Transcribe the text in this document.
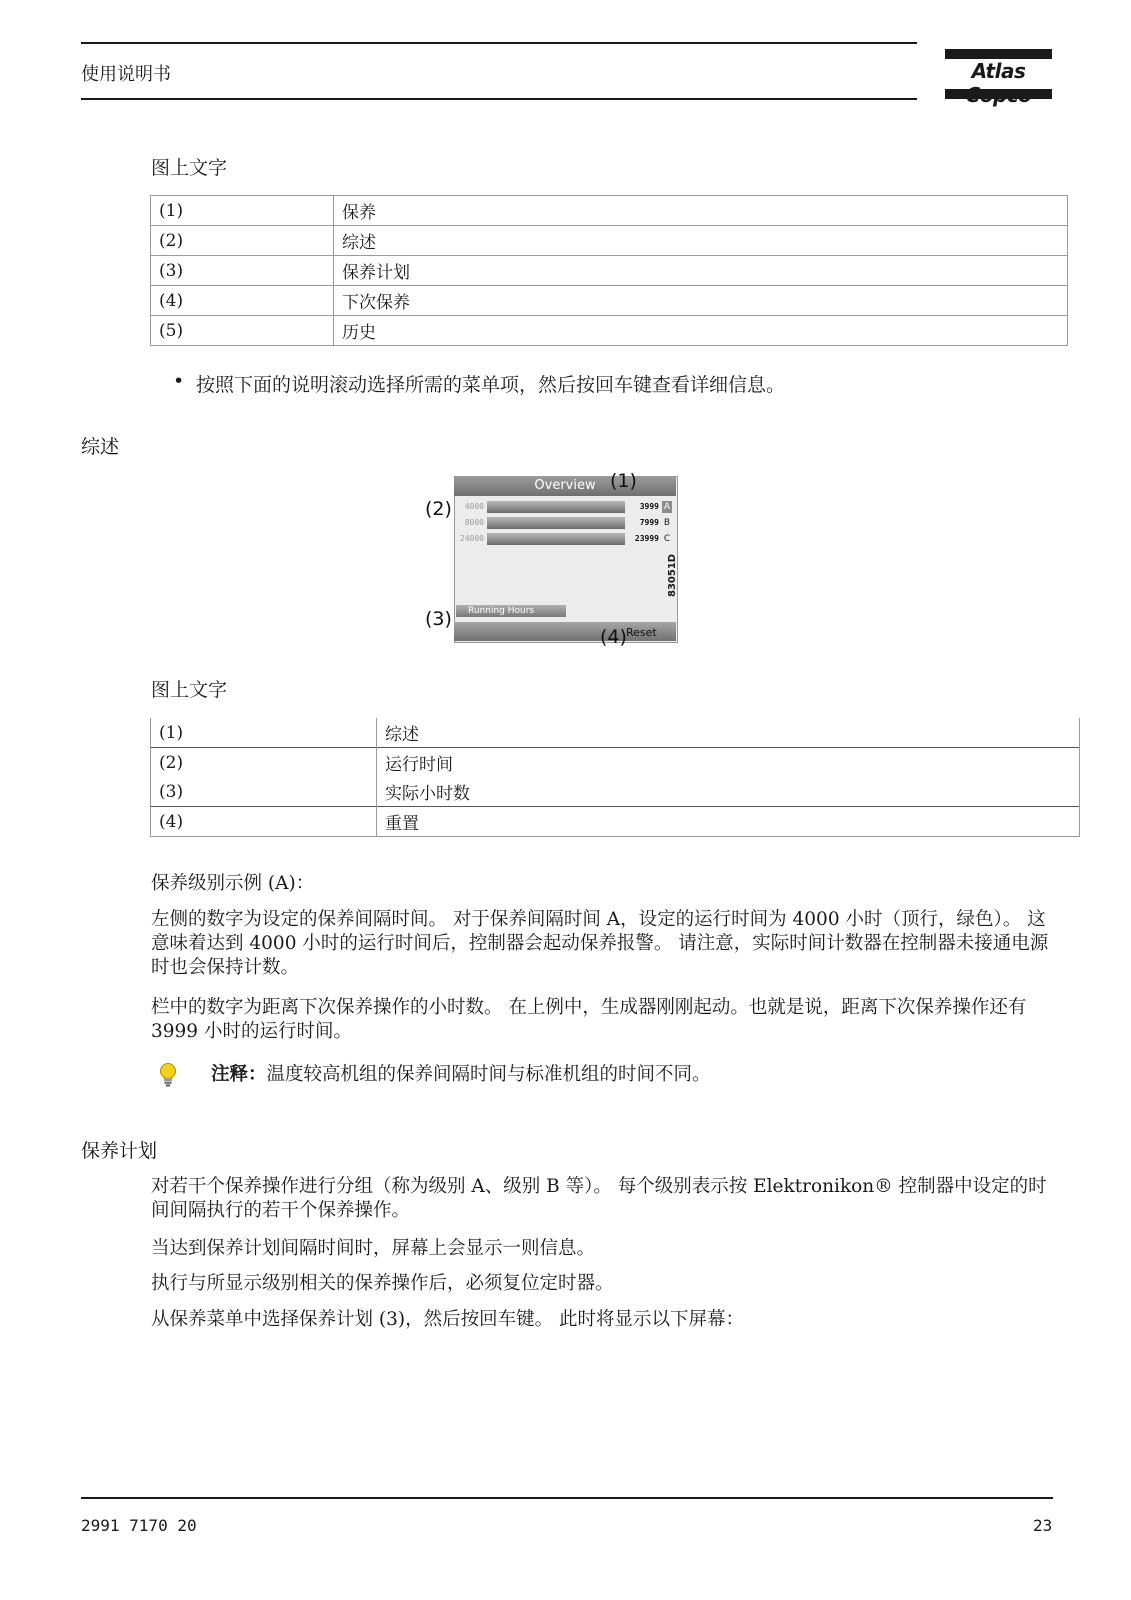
使用说明书	Atlas
图上文字
(1)	保养
(2)	综述
(3)	保养计划
(4)	下次保养
(5)	历史
• 按照下面的说明滚动选择所需的菜单项，然后按回车键查看详细信息。
综述
Overview
4000	3999 A
8000	7999 B
24000	23999 C
Running Hours
Reset
(1)
(2)
(3)
(4)
83051D
图上文字
(1)	综述
(2)	运行时间
(3)	实际小时数
(4)	重置
保养级别示例 (A)：
左侧的数字为设定的保养间隔时间。 对于保养间隔时间 A，设定的运行时间为 4000 小时（顶行，绿色）。 这意味着达到 4000 小时的运行时间后，控制器会起动保养报警。 请注意，实际时间计数器在控制器未接通电源时也会保持计数。
栏中的数字为距离下次保养操作的小时数。 在上例中，生成器刚刚起动。也就是说，距离下次保养操作还有 3999 小时的运行时间。
注释：温度较高机组的保养间隔时间与标准机组的时间不同。
保养计划
对若干个保养操作进行分组（称为级别 A、级别 B 等）。 每个级别表示按 Elektronikon® 控制器中设定的时间间隔执行的若干个保养操作。
当达到保养计划间隔时间时，屏幕上会显示一则信息。
执行与所显示级别相关的保养操作后，必须复位定时器。
从保养菜单中选择保养计划 (3)，然后按回车键。 此时将显示以下屏幕：
2991 7170 20	23
